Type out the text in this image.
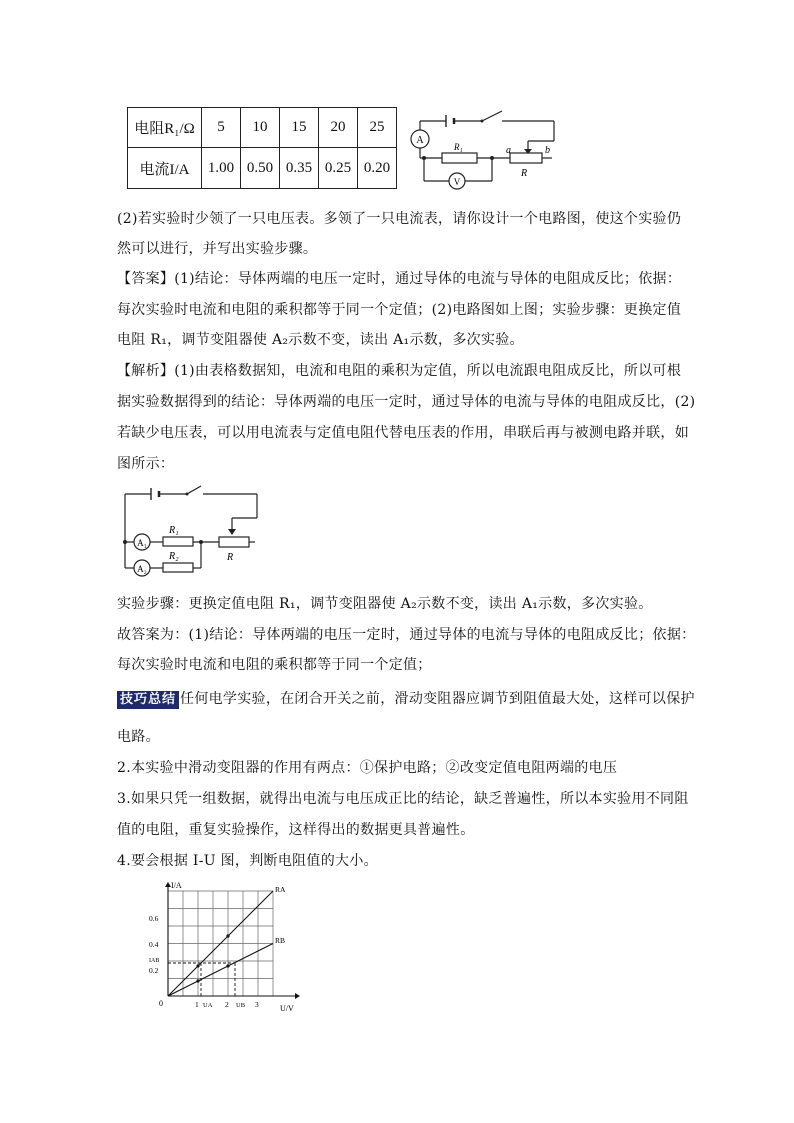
电阻R₁/Ω	5	10	15	20	25
电流I/A	1.00	0.50	0.35	0.25	0.20
A
V
R₁	a	b
R
(2)若实验时少领了一只电压表。多领了一只电流表，请你设计一个电路图，使这个实验仍
然可以进行，并写出实验步骤。
【答案】(1)结论：导体两端的电压一定时，通过导体的电流与导体的电阻成反比；依据：
每次实验时电流和电阻的乘积都等于同一个定值；(2)电路图如上图；实验步骤：更换定值
电阻 R₁，调节变阻器使 A₂示数不变，读出 A₁示数，多次实验。
【解析】(1)由表格数据知，电流和电阻的乘积为定值，所以电流跟电阻成反比，所以可根
据实验数据得到的结论：导体两端的电压一定时，通过导体的电流与导体的电阻成反比，(2)
若缺少电压表，可以用电流表与定值电阻代替电压表的作用，串联后再与被测电路并联，如
图所示：
A₁
A₂
R₁
R₂	R
实验步骤：更换定值电阻 R₁，调节变阻器使 A₂示数不变，读出 A₁示数，多次实验。
故答案为：(1)结论：导体两端的电压一定时，通过导体的电流与导体的电阻成反比；依据：
每次实验时电流和电阻的乘积都等于同一个定值；
技巧总结 任何电学实验，在闭合开关之前，滑动变阻器应调节到阻值最大处，这样可以保护
电路。
2.本实验中滑动变阻器的作用有两点：①保护电路；②改变定值电阻两端的电压
3.如果只凭一组数据，就得出电流与电压成正比的结论，缺乏普遍性，所以本实验用不同阻
值的电阻，重复实验操作，这样得出的数据更具普遍性。
4.要会根据 I-U 图，判断电阻值的大小。
I/A
U/V
0
0.2
0.4
0.6
IAB
1	2	3
UA	UB
RA
RB
